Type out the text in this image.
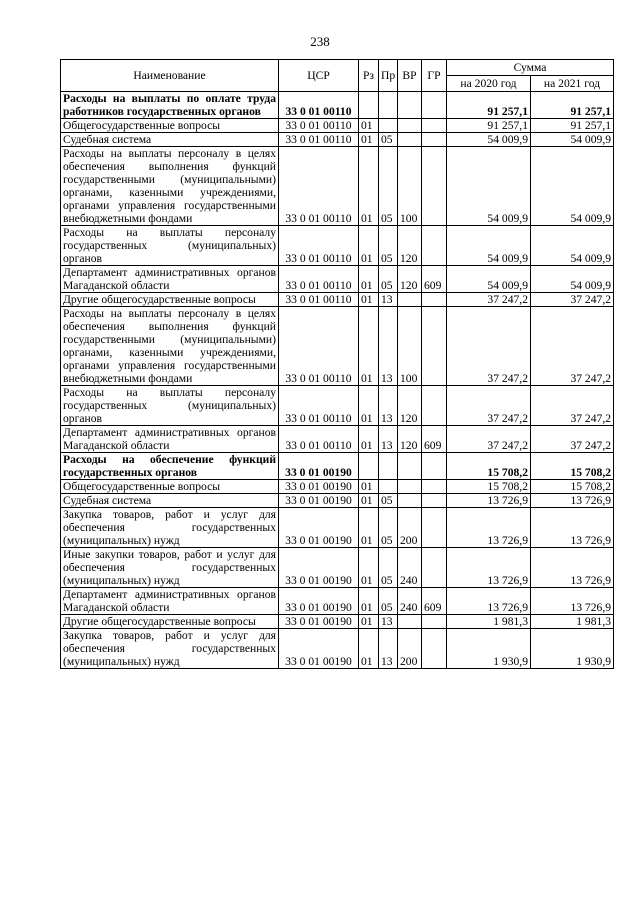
238
Наименование	ЦСР	Рз	Пр	ВР	ГР	Сумма	
						на 2020 год	на 2021 год
Расходы на выплаты по оплате труда работников государственных органов	33 0 01 00110					91 257,1	91 257,1
Общегосударственные вопросы	33 0 01 00110	01				91 257,1	91 257,1
Судебная система	33 0 01 00110	01	05			54 009,9	54 009,9
Расходы на выплаты персоналу в целях обеспечения выполнения функций государственными (муниципальными) органами, казенными учреждениями, органами управления государственными внебюджетными фондами	33 0 01 00110	01	05	100		54 009,9	54 009,9
Расходы на выплаты персоналу государственных (муниципальных) органов	33 0 01 00110	01	05	120		54 009,9	54 009,9
Департамент административных органов Магаданской области	33 0 01 00110	01	05	120	609	54 009,9	54 009,9
Другие общегосударственные вопросы	33 0 01 00110	01	13			37 247,2	37 247,2
Расходы на выплаты персоналу в целях обеспечения выполнения функций государственными (муниципальными) органами, казенными учреждениями, органами управления государственными внебюджетными фондами	33 0 01 00110	01	13	100		37 247,2	37 247,2
Расходы на выплаты персоналу государственных (муниципальных) органов	33 0 01 00110	01	13	120		37 247,2	37 247,2
Департамент административных органов Магаданской области	33 0 01 00110	01	13	120	609	37 247,2	37 247,2
Расходы на обеспечение функций государственных органов	33 0 01 00190					15 708,2	15 708,2
Общегосударственные вопросы	33 0 01 00190	01				15 708,2	15 708,2
Судебная система	33 0 01 00190	01	05			13 726,9	13 726,9
Закупка товаров, работ и услуг для обеспечения государственных (муниципальных) нужд	33 0 01 00190	01	05	200		13 726,9	13 726,9
Иные закупки товаров, работ и услуг для обеспечения государственных (муниципальных) нужд	33 0 01 00190	01	05	240		13 726,9	13 726,9
Департамент административных органов Магаданской области	33 0 01 00190	01	05	240	609	13 726,9	13 726,9
Другие общегосударственные вопросы	33 0 01 00190	01	13			1 981,3	1 981,3
Закупка товаров, работ и услуг для обеспечения государственных (муниципальных) нужд	33 0 01 00190	01	13	200		1 930,9	1 930,9
